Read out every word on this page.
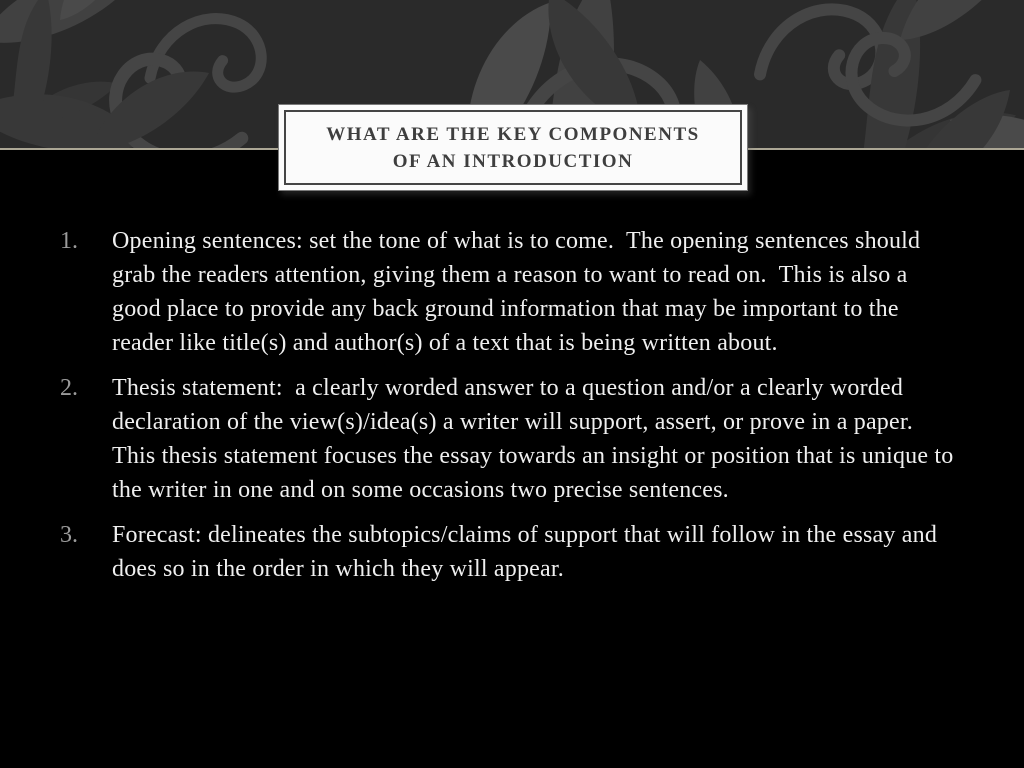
WHAT ARE THE KEY COMPONENTS
OF AN INTRODUCTION
1.	Opening sentences: set the tone of what is to come.  The opening sentences should grab the readers attention, giving them a reason to want to read on.  This is also a good place to provide any back ground information that may be important to the reader like title(s) and author(s) of a text that is being written about.
2.	Thesis statement:  a clearly worded answer to a question and/or a clearly worded declaration of the view(s)/idea(s) a writer will support, assert, or prove in a paper.  This thesis statement focuses the essay towards an insight or position that is unique to the writer in one and on some occasions two precise sentences.
3.	Forecast: delineates the subtopics/claims of support that will follow in the essay and does so in the order in which they will appear.
